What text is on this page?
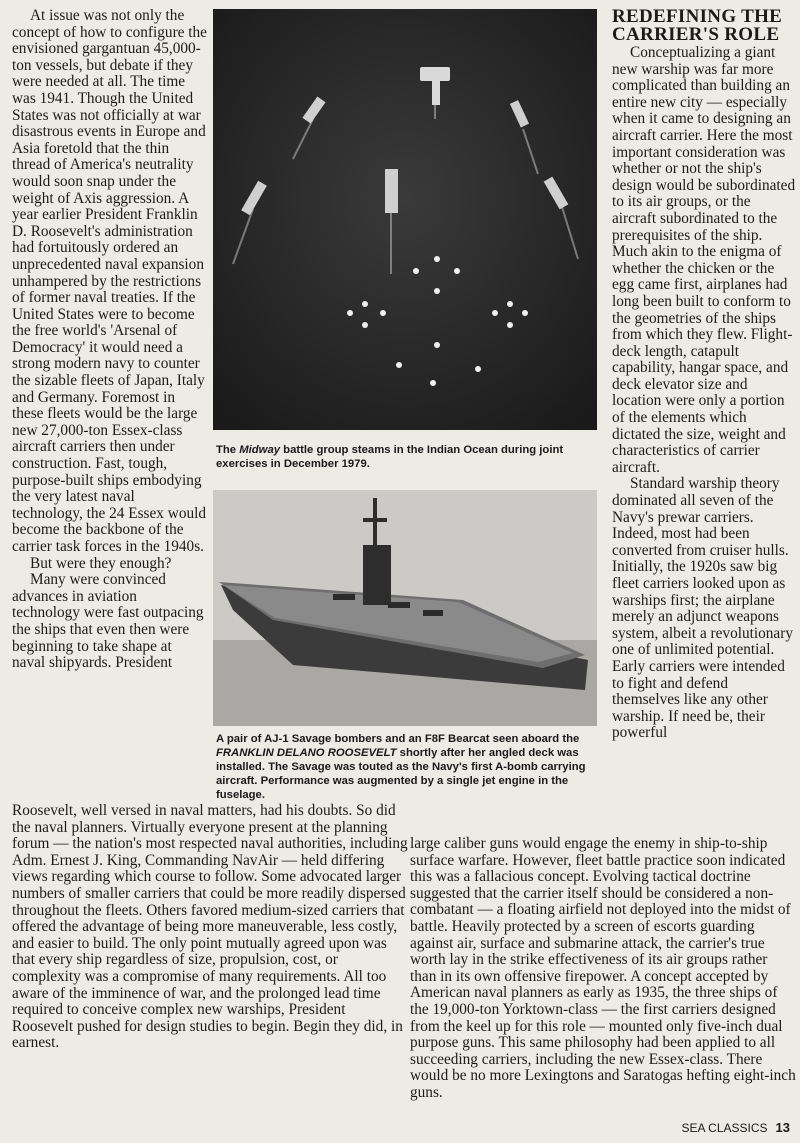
At issue was not only the concept of how to configure the envisioned gargantuan 45,000-ton vessels, but debate if they were needed at all. The time was 1941. Though the United States was not officially at war disastrous events in Europe and Asia foretold that the thin thread of America's neutrality would soon snap under the weight of Axis aggression. A year earlier President Franklin D. Roosevelt's administration had fortuitously ordered an unprecedented naval expansion unhampered by the restrictions of former naval treaties. If the United States were to become the free world's 'Arsenal of Democracy' it would need a strong modern navy to counter the sizable fleets of Japan, Italy and Germany. Foremost in these fleets would be the large new 27,000-ton Essex-class aircraft carriers then under construction. Fast, tough, purpose-built ships embodying the very latest naval technology, the 24 Essex would become the backbone of the carrier task forces in the 1940s.

But were they enough?

Many were convinced advances in aviation technology were fast outpacing the ships that even then were beginning to take shape at naval shipyards. President

The Midway battle group steams in the Indian Ocean during joint exercises in December 1979.
A pair of AJ-1 Savage bombers and an F8F Bearcat seen aboard the FRANKLIN DELANO ROOSEVELT shortly after her angled deck was installed. The Savage was touted as the Navy's first A-bomb carrying aircraft. Performance was augmented by a single jet engine in the fuselage.
REDEFINING THE CARRIER'S ROLE

Conceptualizing a giant new warship was far more complicated than building an entire new city — especially when it came to designing an aircraft carrier. Here the most important consideration was whether or not the ship's design would be subordinated to its air groups, or the aircraft subordinated to the prerequisites of the ship. Much akin to the enigma of whether the chicken or the egg came first, airplanes had long been built to conform to the geometries of the ships from which they flew. Flight-deck length, catapult capability, hangar space, and deck elevator size and location were only a portion of the elements which dictated the size, weight and characteristics of carrier aircraft.

Standard warship theory dominated all seven of the Navy's prewar carriers. Indeed, most had been converted from cruiser hulls. Initially, the 1920s saw big fleet carriers looked upon as warships first; the airplane merely an adjunct weapons system, albeit a revolutionary one of unlimited potential. Early carriers were intended to fight and defend themselves like any other warship. If need be, their powerful

Roosevelt, well versed in naval matters, had his doubts. So did the naval planners. Virtually everyone present at the planning forum — the nation's most respected naval authorities, including Adm. Ernest J. King, Commanding NavAir — held differing views regarding which course to follow. Some advocated larger numbers of smaller carriers that could be more readily dispersed throughout the fleets. Others favored medium-sized carriers that offered the advantage of being more maneuverable, less costly, and easier to build. The only point mutually agreed upon was that every ship regardless of size, propulsion, cost, or complexity was a compromise of many requirements. All too aware of the imminence of war, and the prolonged lead time required to conceive complex new warships, President Roosevelt pushed for design studies to begin. Begin they did, in earnest.
large caliber guns would engage the enemy in ship-to-ship surface warfare. However, fleet battle practice soon indicated this was a fallacious concept. Evolving tactical doctrine suggested that the carrier itself should be considered a non- combatant — a floating airfield not deployed into the midst of battle. Heavily protected by a screen of escorts guarding against air, surface and submarine attack, the carrier's true worth lay in the strike effectiveness of its air groups rather than in its own offensive firepower. A concept accepted by American naval planners as early as 1935, the three ships of the 19,000-ton Yorktown-class — the first carriers designed from the keel up for this role — mounted only five-inch dual purpose guns. This same philosophy had been applied to all succeeding carriers, including the new Essex-class. There would be no more Lexingtons and Saratogas hefting eight-inch guns.
SEA CLASSICS 13
